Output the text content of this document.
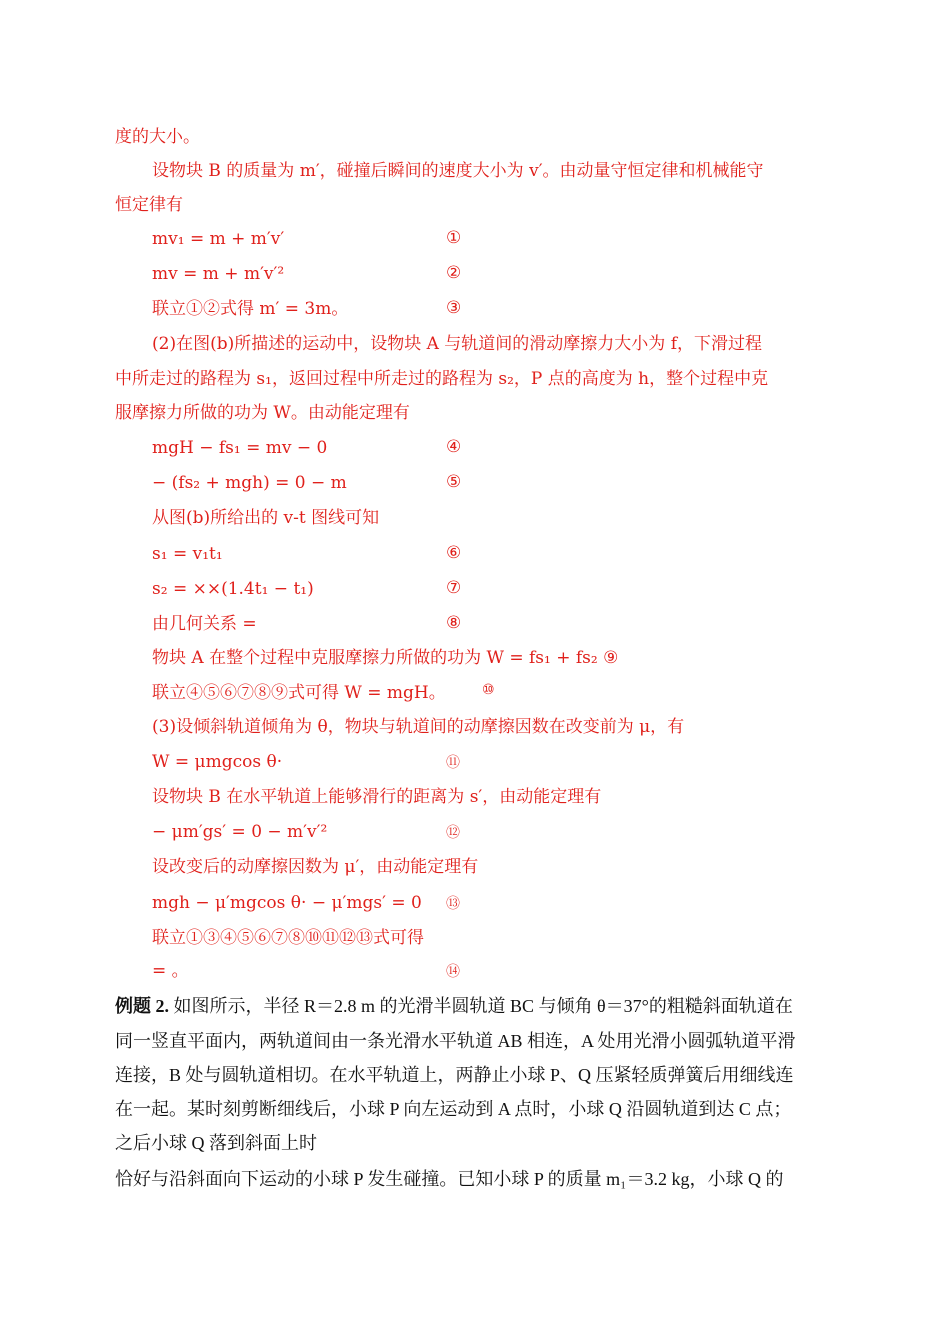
度的大小。
设物块 B 的质量为 m′，碰撞后瞬间的速度大小为 v′。由动量守恒定律和机械能守
恒定律有
mv₁ = m + m′v′	①
mv = m + m′v′²	②
联立①②式得 m′ = 3m。	③
(2)在图(b)所描述的运动中，设物块 A 与轨道间的滑动摩擦力大小为 f，下滑过程
中所走过的路程为 s₁，返回过程中所走过的路程为 s₂，P 点的高度为 h，整个过程中克
服摩擦力所做的功为 W。由动能定理有
mgH − fs₁ = mv − 0	④
− (fs₂ + mgh) = 0 − m	⑤
从图(b)所给出的 v-t 图线可知
s₁ = v₁t₁	⑥
s₂ = ××(1.4t₁ − t₁)	⑦
由几何关系 =	⑧
物块 A 在整个过程中克服摩擦力所做的功为 W = fs₁ + fs₂ ⑨
联立④⑤⑥⑦⑧⑨式可得 W = mgH。	⑩
(3)设倾斜轨道倾角为 θ，物块与轨道间的动摩擦因数在改变前为 μ，有
W = μmgcos θ·	⑪
设物块 B 在水平轨道上能够滑行的距离为 s′，由动能定理有
− μm′gs′ = 0 − m′v′²	⑫
设改变后的动摩擦因数为 μ′，由动能定理有
mgh − μ′mgcos θ· − μ′mgs′ = 0 ⑬
联立①③④⑤⑥⑦⑧⑩⑪⑫⑬式可得
= 。	⑭
例题 2. 如图所示，半径 R＝2.8 m 的光滑半圆轨道 BC 与倾角 θ＝37°的粗糙斜面轨道在
同一竖直平面内，两轨道间由一条光滑水平轨道 AB 相连，A 处用光滑小圆弧轨道平滑
连接，B 处与圆轨道相切。在水平轨道上，两静止小球 P、Q 压紧轻质弹簧后用细线连
在一起。某时刻剪断细线后，小球 P 向左运动到 A 点时，小球 Q 沿圆轨道到达 C 点；
之后小球 Q 落到斜面上时
恰好与沿斜面向下运动的小球 P 发生碰撞。已知小球 P 的质量 m₁＝3.2 kg，小球 Q 的
